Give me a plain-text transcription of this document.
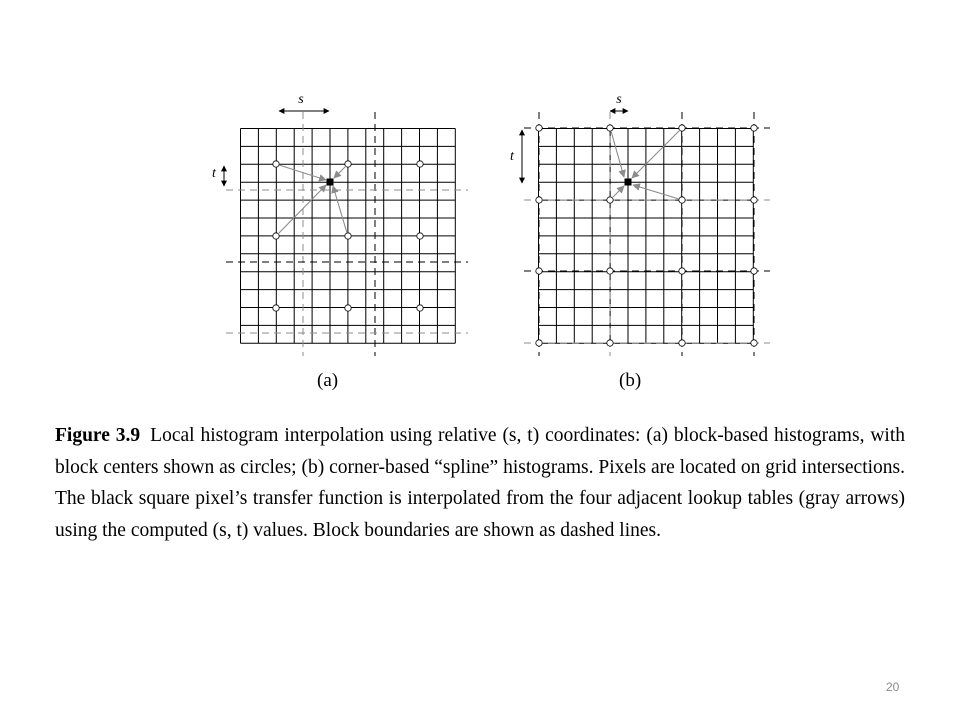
s
t
s
t
(a)	(b)
Figure 3.9 Local histogram interpolation using relative (s, t) coordinates: (a) block-based histograms, with block centers shown as circles; (b) corner-based “spline” histograms. Pixels are located on grid intersections. The black square pixel’s transfer function is interpolated from the four adjacent lookup tables (gray arrows) using the computed (s, t) values. Block boundaries are shown as dashed lines.
20
